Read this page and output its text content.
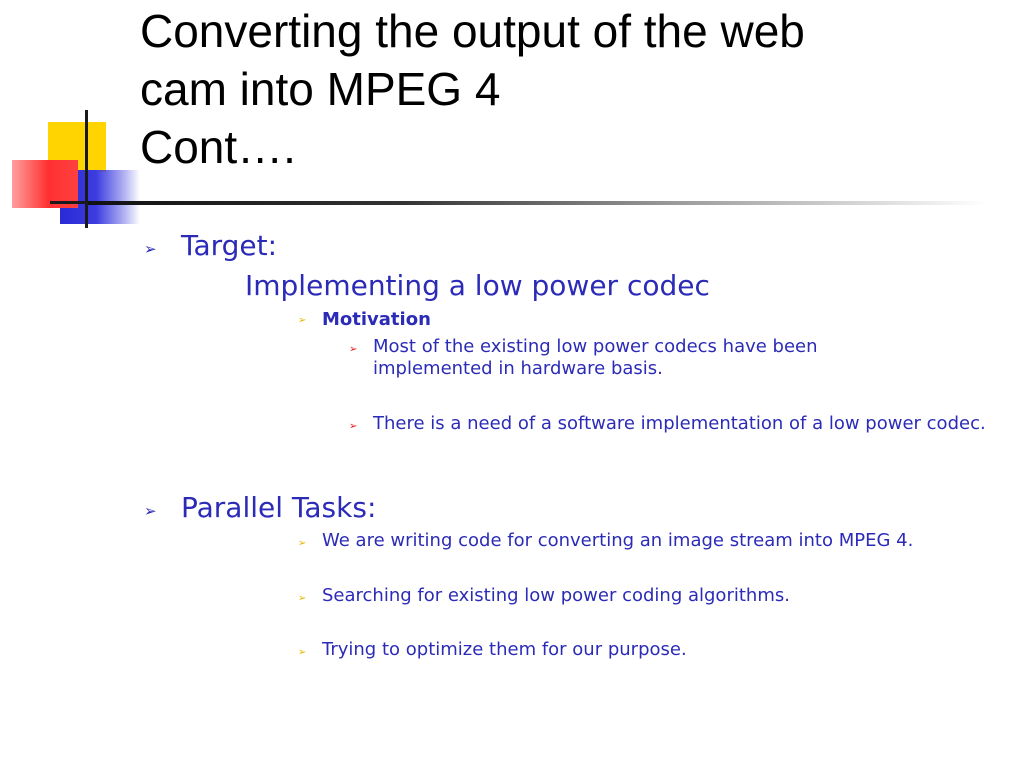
Converting the output of the web
cam into MPEG 4
Cont….
➢ Target:
Implementing a low power codec
➢ Motivation
➢ Most of the existing low power codecs have been implemented in hardware basis.
➢ There is a need of a software implementation of a low power codec.
➢ Parallel Tasks:
➢ We are writing code for converting an image stream into MPEG 4.
➢ Searching for existing low power coding algorithms.
➢ Trying to optimize them for our purpose.
